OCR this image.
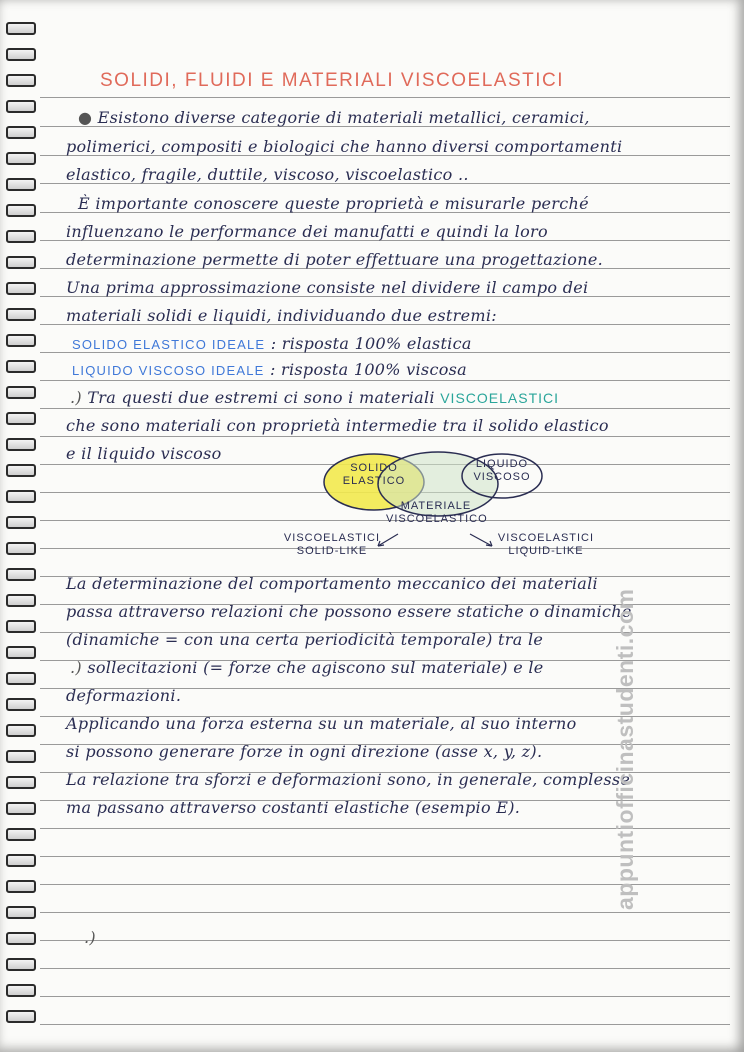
SOLIDI, FLUIDI E MATERIALI VISCOELASTICI
● Esistono diverse categorie di materiali metallici, ceramici,
polimerici, compositi e biologici che hanno diversi comportamenti
elastico, fragile, duttile, viscoso, viscoelastico ..
È importante conoscere queste proprietà e misurarle perché
influenzano le performance dei manufatti e quindi la loro
determinazione permette di poter effettuare una progettazione.
Una prima approssimazione consiste nel dividere il campo dei
materiali solidi e liquidi, individuando due estremi:
SOLIDO ELASTICO IDEALE : risposta 100% elastica
LIQUIDO VISCOSO IDEALE : risposta 100% viscosa
.) Tra questi due estremi ci sono i materiali VISCOELASTICI
che sono materiali con proprietà intermedie tra il solido elastico
e il liquido viscoso
SOLIDO
ELASTICO
LIQUIDO
VISCOSO
MATERIALE
VISCOELASTICO
VISCOELASTICI
SOLID-LIKE
VISCOELASTICI
LIQUID-LIKE
La determinazione del comportamento meccanico dei materiali
passa attraverso relazioni che possono essere statiche o dinamiche
(dinamiche = con una certa periodicità temporale) tra le
.) sollecitazioni (= forze che agiscono sul materiale) e le
deformazioni.
Applicando una forza esterna su un materiale, al suo interno
si possono generare forze in ogni direzione (asse x, y, z).
La relazione tra sforzi e deformazioni sono, in generale, complesse
ma passano attraverso costanti elastiche (esempio E).
.)
appuntiofficinastudenti.com
